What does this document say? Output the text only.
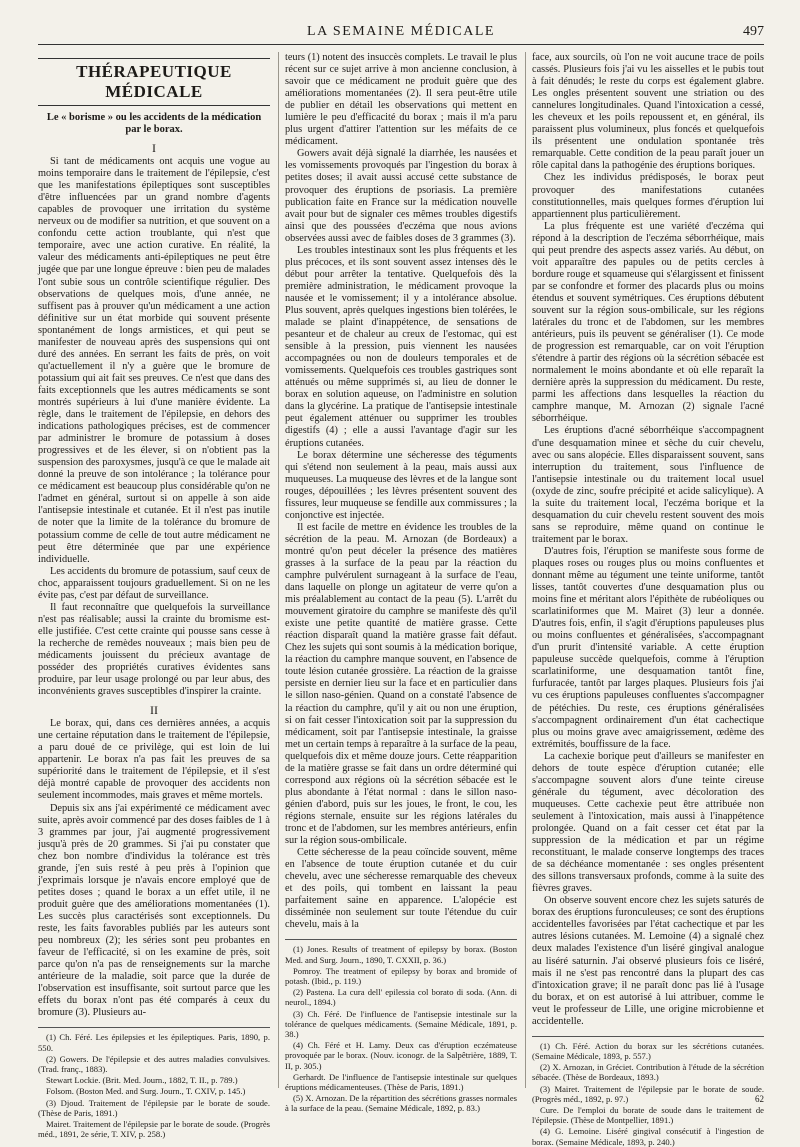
LA SEMAINE MÉDICALE	497
THÉRAPEUTIQUE MÉDICALE
Le « borisme » ou les accidents de la médication par le borax.
I

Si tant de médicaments ont acquis une vogue au moins temporaire dans le traitement de l'épilepsie, c'est que les manifestations épileptiques sont susceptibles d'être influencées par un grand nombre d'agents capables de provoquer une irritation du système nerveux ou de modifier sa nutrition, et que souvent on a confondu cette action troublante, qui n'est que temporaire, avec une action curative. En réalité, la valeur des médicaments anti-épileptiques ne peut être jugée que par une longue épreuve : bien peu de malades l'ont subie sous un contrôle scientifique régulier. Des observations de quelques mois, d'une année, ne suffisent pas à prouver qu'un médicament a une action définitive sur un état morbide qui souvent présente spontanément de longs armistices, et qui peut se manifester de nouveau après des suspensions qui ont duré des années. En serrant les faits de près, on voit qu'actuellement il n'y a guère que le bromure de potassium qui ait fait ses preuves. Ce n'est que dans des faits exceptionnels que les autres médicaments se sont montrés supérieurs à lui d'une manière évidente. La règle, dans le traitement de l'épilepsie, en dehors des indications pathologiques précises, est de commencer par administrer le bromure de potassium à doses progressives et de les élever, si on n'obtient pas la suspension des paroxysmes, jusqu'à ce que le malade ait donné la preuve de son intolérance ; la tolérance pour ce médicament est beaucoup plus considérable qu'on ne l'admet en général, surtout si on appelle à son aide l'antisepsie intestinale et cutanée. Et il n'est pas inutile de noter que la limite de la tolérance du bromure de potassium comme de celle de tout autre médicament ne peut être déterminée que par une expérience individuelle.

Les accidents du bromure de potassium, sauf ceux de choc, apparaissent toujours graduellement. Si on ne les évite pas, c'est par défaut de surveillance.

Il faut reconnaître que quelquefois la surveillance n'est pas réalisable; aussi la crainte du bromisme est-elle justifiée. C'est cette crainte qui pousse sans cesse à la recherche de remèdes nouveaux ; mais bien peu de médicaments jouissent du précieux avantage de posséder des propriétés curatives évidentes sans produire, par leur usage prolongé ou par leur abus, des inconvénients graves susceptibles d'inspirer la crainte.

II

Le borax, qui, dans ces dernières années, a acquis une certaine réputation dans le traitement de l'épilepsie, a paru doué de ce privilège, qui est loin de lui appartenir. Le borax n'a pas fait les preuves de sa supériorité dans le traitement de l'épilepsie, et il s'est déjà montré capable de provoquer des accidents non seulement incommodes, mais graves et même mortels.

Depuis six ans j'ai expérimenté ce médicament avec suite, après avoir commencé par des doses faibles de 1 à 3 grammes par jour, j'ai augmenté progressivement jusqu'à près de 20 grammes. Si j'ai pu constater que chez bon nombre d'individus la tolérance est très grande, j'en suis resté à peu près à l'opinion que j'exprimais lorsque je n'avais encore employé que de petites doses ; quand le borax a un effet utile, il ne produit guère que des améliorations momentanées (1). Les succès plus caractérisés sont exceptionnels. Du reste, les faits favorables publiés par les auteurs sont peu nombreux (2); les séries sont peu probantes en faveur de l'efficacité, si on les examine de près, soit parce qu'on n'a pas de renseignements sur la marche antérieure de la maladie, soit parce que la durée de l'observation est insuffisante, soit surtout parce que les effets du borax n'ont pas été comparés à ceux du bromure (3). Plusieurs au-

(1) Ch. Féré. Les épilepsies et les épileptiques. Paris, 1890, p. 550.
(2) Gowers. De l'épilepsie et des autres maladies convulsives. (Trad. franç., 1883).
Stewart Lockie. (Brit. Med. Journ., 1882, T. II., p. 789.)
Folsom. (Boston Med. and Surg. Journ., T. CXIV, p. 145.)
(3) Djoud. Traitement de l'épilepsie par le borate de soude. (Thèse de Paris, 1891.)
Mairet. Traitement de l'épilepsie par le borate de soude. (Progrès méd., 1891, 2e série, T. XIV, p. 258.)

teurs (1) notent des insuccès complets. Le travail le plus récent sur ce sujet arrive à mon ancienne conclusion, à savoir que ce médicament ne produit guère que des améliorations momentanées (2). Il sera peut-être utile de publier en détail les observations qui mettent en lumière le peu d'efficacité du borax ; mais il m'a paru plus urgent d'attirer l'attention sur les méfaits de ce médicament.

Gowers avait déjà signalé la diarrhée, les nausées et les vomissements provoqués par l'ingestion du borax à petites doses; il avait aussi accusé cette substance de provoquer des éruptions de psoriasis. La première publication faite en France sur la médication nouvelle avait pour but de signaler ces mêmes troubles digestifs ainsi que des poussées d'eczéma que nous avions observées aussi avec de faibles doses de 3 grammes (3).

Les troubles intestinaux sont les plus fréquents et les plus précoces, et ils sont souvent assez intenses dès le début pour arrêter la tentative. Quelquefois dès la première administration, le médicament provoque la nausée et le vomissement; il y a intolérance absolue. Plus souvent, après quelques ingestions bien tolérées, le malade se plaint d'inappétence, de sensations de pesanteur et de chaleur au creux de l'estomac, qui est sensible à la pression, puis viennent les nausées accompagnées ou non de douleurs temporales et de vomissements. Quelquefois ces troubles gastriques sont atténués ou même supprimés si, au lieu de donner le borax en solution aqueuse, on l'administre en solution dans la glycérine. La pratique de l'antisepsie intestinale peut également atténuer ou supprimer les troubles digestifs (4) ; elle a aussi l'avantage d'agir sur les éruptions cutanées.

Le borax détermine une sécheresse des téguments qui s'étend non seulement à la peau, mais aussi aux muqueuses. La muqueuse des lèvres et de la langue sont rouges, dépouillées ; les lèvres présentent souvent des fissures, leur muqueuse se fendille aux commissures ; la conjonctive est injectée.

Il est facile de mettre en évidence les troubles de la sécrétion de la peau. M. Arnozan (de Bordeaux) a montré qu'on peut déceler la présence des matières grasses à la surface de la peau par la réaction du camphre pulvérulent surnageant à la surface de l'eau, dans laquelle on plonge un agitateur de verre qu'on a mis préalablement au contact de la peau (5). L'arrêt du mouvement giratoire du camphre se manifeste dès qu'il existe une petite quantité de matière grasse. Cette réaction disparaît quand la matière grasse fait défaut. Chez les sujets qui sont soumis à la médication borique, la réaction du camphre manque souvent, en l'absence de toute lésion cutanée grossière. La réaction de la graisse persiste en dernier lieu sur la face et en particulier dans le sillon naso-génien. Quand on a constaté l'absence de la réaction du camphre, qu'il y ait ou non une éruption, si on fait cesser l'intoxication soit par la suppression du médicament, soit par l'antisepsie intestinale, la graisse met un certain temps à reparaître à la surface de la peau, quelquefois dix et même douze jours. Cette réapparition de la matière grasse se fait dans un ordre déterminé qui correspond aux régions où la sécrétion sébacée est le plus abondante à l'état normal : dans le sillon naso-génien d'abord, puis sur les joues, le front, le cou, les régions sternale, ensuite sur les régions latérales du tronc et de l'abdomen, sur les membres antérieurs, enfin sur la région sous-ombilicale.

Cette sécheresse de la peau coïncide souvent, même en l'absence de toute éruption cutanée et du cuir chevelu, avec une sécheresse remarquable des cheveux et des poils, qui tombent en laissant la peau parfaitement saine en apparence. L'alopécie est disséminée non seulement sur toute l'étendue du cuir chevelu, mais à la

(1) Jones. Results of treatment of epilepsy by borax. (Boston Med. and Surg. Journ., 1890, T. CXXII, p. 36.)
Pomroy. The treatment of epilepsy by borax and bromide of potash. (Ibid., p. 119.)
(2) Pastena. La cura dell' epilessia col borato di soda. (Ann. di neurol., 1894.)
(3) Ch. Féré. De l'influence de l'antisepsie intestinale sur la tolérance de quelques médicaments. (Semaine Médicale, 1891, p. 38.)
(4) Ch. Féré et H. Lamy. Deux cas d'éruption eczémateuse provoquée par le borax. (Nouv. iconogr. de la Salpêtrière, 1889, T. II, p. 305.)
Gerhardt. De l'influence de l'antisepsie intestinale sur quelques éruptions médicamenteuses. (Thèse de Paris, 1891.)
(5) X. Arnozan. De la répartition des sécrétions grasses normales à la surface de la peau. (Semaine Médicale, 1892, p. 83.)

face, aux sourcils, où l'on ne voit aucune trace de poils cassés. Plusieurs fois j'ai vu les aisselles et le pubis tout à fait dénudés; le reste du corps est également glabre. Les ongles présentent souvent une striation ou des cannelures longitudinales. Quand l'intoxication a cessé, les cheveux et les poils repoussent et, en général, ils paraissent plus volumineux, plus foncés et quelquefois ils présentent une ondulation spontanée très remarquable. Cette condition de la peau paraît jouer un rôle capital dans la pathogénie des éruptions boriques.

Chez les individus prédisposés, le borax peut provoquer des manifestations cutanées constitutionnelles, mais quelques formes d'éruption lui appartiennent plus particulièrement.

La plus fréquente est une variété d'eczéma qui répond à la description de l'eczéma séborrhéique, mais qui peut prendre des aspects assez variés. Au début, on voit apparaître des papules ou de petits cercles à bordure rouge et squameuse qui s'élargissent et finissent par se confondre et former des placards plus ou moins étendus et souvent symétriques. Ces éruptions débutent souvent sur la région sous-ombilicale, sur les régions latérales du tronc et de l'abdomen, sur les membres antérieurs, puis ils peuvent se généraliser (1). Ce mode de progression est remarquable, car on voit l'éruption s'étendre à partir des régions où la sécrétion sébacée est normalement le moins abondante et où elle reparaît la dernière après la suppression du médicament. Du reste, parmi les affections dans lesquelles la réaction du camphre manque, M. Arnozan (2) signale l'acné séborrhéique.

Les éruptions d'acné séborrhéique s'accompagnent d'une desquamation minee et sèche du cuir chevelu, avec ou sans alopécie. Elles disparaissent souvent, sans interruption du traitement, sous l'influence de l'antisepsie intestinale ou du traitement local usuel (oxyde de zinc, soufre précipité et acide salicylique). A la suite du traitement local, l'eczéma borique et la desquamation du cuir chevelu restent souvent des mois sans se reproduire, même quand on continue le traitement par le borax.

D'autres fois, l'éruption se manifeste sous forme de plaques roses ou rouges plus ou moins confluentes et donnant même au tégument une teinte uniforme, tantôt lisses, tantôt couvertes d'une desquamation plus ou moins fine et méritant alors l'épithète de rubéoliques ou scarlatiniformes que M. Mairet (3) leur a donnée. D'autres fois, enfin, il s'agit d'éruptions papuleuses plus ou moins confluentes et généralisées, s'accompagnant d'un prurit d'intensité variable. A cette éruption papuleuse succède quelquefois, comme à l'éruption scarlatiniforme, une desquamation tantôt fine, furfuracée, tantôt par larges plaques. Plusieurs fois j'ai vu ces éruptions papuleuses confluentes s'accompagner de pétéchies. Du reste, ces éruptions généralisées s'accompagnent ordinairement d'un état cachectique plus ou moins grave avec amaigrissement, œdème des extrémités, bouffissure de la face.

La cachexie borique peut d'ailleurs se manifester en dehors de toute espèce d'éruption cutanée; elle s'accompagne souvent alors d'une teinte cireuse générale du tégument, avec décoloration des muqueuses. Cette cachexie peut être attribuée non seulement à l'intoxication, mais aussi à l'inappétence prolongée. Quand on a fait cesser cet état par la suppression de la médication et par un régime reconstituant, le malade conserve longtemps des traces de sa déchéance momentanée : ses ongles présentent des sillons transversaux profonds, comme à la suite des fièvres graves.

On observe souvent encore chez les sujets saturés de borax des éruptions furonculeuses; ce sont des éruptions accidentelles favorisées par l'état cachectique et par les autres lésions cutanées. M. Lemoine (4) a signalé chez deux malades l'existence d'un liséré gingival analogue au liséré saturnin. J'ai observé plusieurs fois ce liséré, mais il ne s'est pas rencontré dans la plupart des cas d'intoxication grave; il ne paraît donc pas lié à l'usage du borax, et on est autorisé à lui attribuer, comme le veut le professeur de Lille, une origine microbienne et accidentelle.

(1) Ch. Féré. Action du borax sur les sécrétions cutanées. (Semaine Médicale, 1893, p. 557.)
(2) X. Arnozan, in Gréciet. Contribution à l'étude de la sécrétion sébacée. (Thèse de Bordeaux, 1893.)
(3) Mairet. Traitement de l'épilepsie par le borate de soude. (Progrès méd., 1892, p. 97.)
Cure. De l'emploi du borate de soude dans le traitement de l'épilepsie. (Thèse de Montpellier, 1891.)
(4) G. Lemoine. Liséré gingival consécutif à l'ingestion de borax. (Semaine Médicale, 1893, p. 240.)
62
